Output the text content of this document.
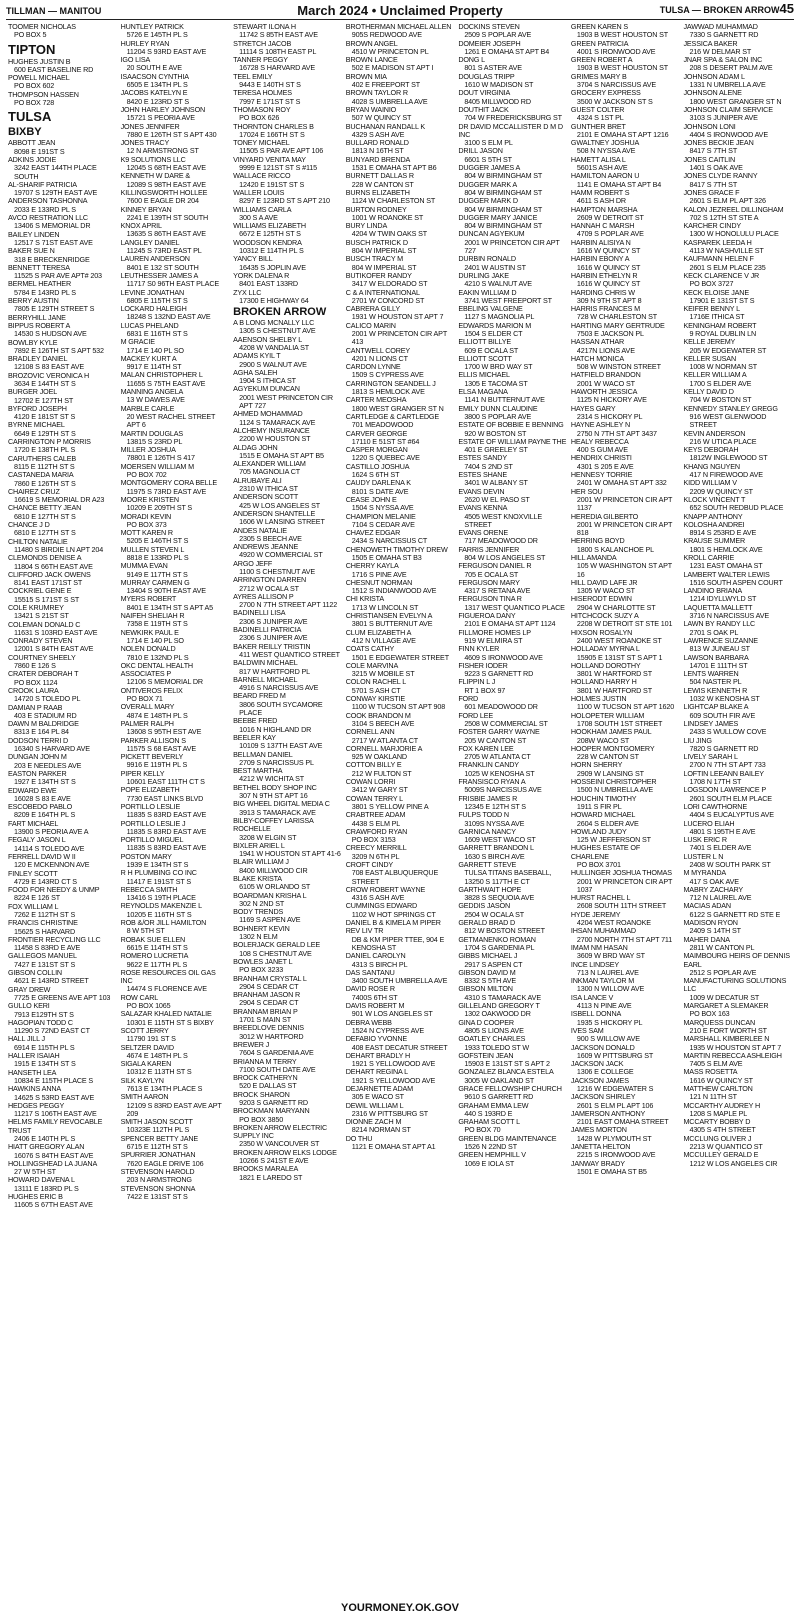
TILLMAN — MANITOU	March 2024 • Unclaimed Property	TULSA — BROKEN ARROW45
TOOMER NICHOLAS
PO BOX 5
TIPTON
HUGHES JUSTIN B
600 EAST BASELINE RD
POWELL MICHAEL
PO BOX 602
THOMPSON HASSEN
PO BOX 728
TULSA
BIXBY
ABBOTT JEAN
8098 E 191ST S
ADKINS JODIE
3242 EAST 144TH PLACE SOUTH
AL-SHARIF PATRICIA
19707 S 129TH EAST AVE
ANDERSON TASHONNA
2033 E 133RD PL S
AVCO RESTRATION LLC
13406 S MEMORIAL DR
BAILEY LINDEN
12517 S 71ST EAST AVE
BAKER SUE N
318 E BRECKENRIDGE
BENNETT TERESA
11525 S PAR AVE APT# 203
BERMEL HEATHER
5784 E 143RD PL S
BERRY AUSTIN
7805 E 129TH STREET S
BERRYHILL JANE
BIPPUS ROBERT A
14530 S HUDSON AVE
BOWLBY KYLE
7892 E 126TH ST S APT 532
BRADLEY DANIEL
12108 S 83 EAST AVE
BROZOVIC VERONICA H
3634 E 144TH ST S
BURGER JOEL
12702 E 127TH ST
BYFORD JOSEPH
4120 E 181ST ST S
BYRNE MICHAEL
6649 E 129TH ST S
CARRINGTON P MORRIS
1720 E 138TH PL S
CARUTHERS CALEB
8115 E 112TH ST S
CASTANEDA MARIA
7860 E 126TH ST S
CHAIREZ CRUZ
16619 S MEMORIAL DR A23
CHANCE BETTY JEAN
6810 E 127TH ST S
CHANCE J D
6810 E 127TH ST S
CHILTON NATALIE
11480 S BIRDIE LN APT 204
CLEMONDS DENISE A
11804 S 66TH EAST AVE
CLIFFORD JACK OWENS
8141 EAST 171ST ST
COCKRIEL GENE E
15515 S 171ST S ST
COLE KRUMREY
13421 S 21ST ST
COLEMAN DONALD C
11631 S 103RD EAST AVE
CONRADY STEVEN
12001 S 84TH EAST AVE
COURTNEY SHEELY
7860 E 126 S
CRATER DEBORAH T
PO BOX 1124
CROOK LAURA
14720 S TOLEDO PL
DAMIAN P RAAB
403 E STADIUM RD
DAWN M BALDRIDGE
8313 E 164 PL 84
DODSON TERRI D
16340 S HARVARD AVE
DUNGAN JOHN M
203 E NEEDLES AVE
EASTON PARKER
1927 E 134TH ST S
EDWARD EWE
16028 S 83 E AVE
ESCOBEDO PABLO
8209 E 164TH PL S
FART MICHAEL
13900 S PEORIA AVE A
FEGALY JASON L
14114 S TOLEDO AVE
FERRELL DAVID W II
120 E MCKENNON AVE
FINLEY SCOTT
4729 E 143RD CT S
FOOD FOR NEEDY & UNMP
8224 E 126 ST
FOX WILLIAM L
7262 E 112TH ST S
FRANCIS CHRISTINE
15625 S HARVARD
FRONTIER RECYCLING LLC
11458 S 83RD E AVE
GALLEGOS MANUEL
7427 E 131ST ST S
GIBSON COLLIN
4621 E 143RD STREET
GRAY DREW
7725 E GREENS AVE APT 103
GULLO KERI
7913 E129TH ST S
HAGOPIAN TODD C
11290 S 72ND EAST CT
HALL JILL J
6914 E 115TH PL S
HALLER ISAIAH
1915 E 134TH ST S
HANSETH LEA
10834 E 115TH PLACE S
HAWKINS ANNA
14625 S 53RD EAST AVE
HEDGES PEGGY
11217 S 106TH EAST AVE
HELMS FAMILY REVOCABLE TRUST
2406 E 140TH PL S
HIATT GREGORY ALAN
16076 S 84TH EAST AVE
HOLLINGSHEAD LA JUANA
27 W 5TH ST
HOWARD DAVENA L
13111 E 183RD PL S
HUGHES ERIC B
11605 S 67TH EAST AVE
HUNTLEY PATRICK
5726 E 145TH PL S
HURLEY RYAN
11204 S 93RD EAST AVE
IGO LISA
20 SOUTH E AVE
ISAACSON CYNTHIA
6505 E 134TH PL S
JACOBS KATELYN E
8420 E 123RD ST S
JOHN HARLEY JOHNSON
15721 S PEORIA AVE
JONES JENNIFER
7880 E 126TH ST S APT 430
JONES TRACY
12 N ARMSTRONG ST
K9 SOLUTIONS LLC
12045 S 68TH EAST AVE
KENNETH W DARE &
12089 S 98TH EAST AVE
KILLINGSWORTH HOLLEE
7600 E EAGLE DR 204
KINNEY BRYAN
2241 E 139TH ST SOUTH
KNOX APRIL
13635 S 86TH EAST AVE
LANGLEY DANIEL
11245 S 73RD EAST PL
LAUREN ANDERSON
8401 E 132 ST SOUTH
LEUTHESSER JAMES A
11717 S0 96TH EAST PLACE
LEVINE JONATHAN
6805 E 115TH ST S
LOCKARD HALEIGH
18248 S 132ND EAST AVE
LUCAS PHELAND
6831 E 116TH ST S
M GRACIE
1714 E 140 PL SO
MACKEY KURT A
9917 E 114TH ST
MALAN CHRISTOPHER L
11655 S 75TH EAST AVE
MANNING ANGELA
13 W DAWES AVE
MARBLE CARLE
20 WEST RACHEL STREET APT 6
MARTIN DOUGLAS
13815 S 23RD PL
MILLER JOSHUA
78801 E 126TH S 417
MOERSEN WILLIAM M
PO BOX 702
MONTGOMERY CORA BELLE
11975 S 73RD EAST AVE
MOORE KRISTEN
10209 E 209TH ST S
MORADI KEVIN
PO BOX 373
MOTT KAREN R
5205 E 146TH ST S
MULLEN STEVEN L
8818 E 133RD PL S
MUMMA EVAN
9149 E 117TH ST S
MURRAY CARMEN G
13404 S 90TH EAST AVE
MYERS ROBERT
8401 E 134TH ST S APT A5
NAIFEH SHELIAH R
7358 E 119TH ST S
NEWKIRK PAUL E
1714 E 140 PL SO
NOLEN DONALD
7810 E 132ND PL S
OKC DENTAL HEALTH ASSOCIATES P
12106 S MEMORIAL DR
ONTIVEROS FELIX
PO BOX 71
OVERALL MARY
4874 E 148TH PL S
PALMER RALPH
13608 S 95TH EST AVE
PARKER ALLISON S
11575 S 68 EAST AVE
PICKETT BEVERLY
9916 E 119TH PL S
PIPER KELLY
10601 EAST 111TH CT S
POPE ELIZABETH
7730 EAST LINKS BLVD
PORTILLO LESLIE
11835 S 83RD EAST AVE
PORTILLO LESLIE J
11835 S 83RD EAST AVE
PORTILLO MIGUEL
11835 S 83RD EAST AVE
POSTON MARY
1939 E 134TH ST S
R H PLUMBING CO INC
11417 E 191ST ST S
REBECCA SMITH
13416 S 19TH PLACE
REYNOLDS MAKENZIE L
10205 E 116TH ST S
ROB &/OR JILL HAMILTON
8 W 5TH ST
ROBAK SUE ELLEN
6615 E 114TH ST S
ROMERO LUCRETIA
9622 E 117TH PL S
ROSE RESOURCES OIL GAS INC
14474 S FLORENCE AVE
ROW CARL
PO BOX 1065
SALAZAR KHALED NATALIE
10301 E 115TH ST S BIXBY
SCOTT JERRY
11790 191 ST S
SELTZER DAVID
4674 E 148TH PL S
SIGALA KAREN
10312 E 113TH ST S
SILK KAYLYN
7613 E 134TH PLACE S
SMITH AARON
12109 S 83RD EAST AVE APT 209
SMITH JASON SCOTT
10323E 112TH PL S
SPENCER BETTY JANE
6715 E 112TH ST S
SPURRIER JONATHAN
7620 EAGLE DRIVE 106
STEVENSON HAROLD
203 N ARMSTRONG
STEVENSON SHONNA
7422 E 131ST ST S
STEWART ILONA H
11742 S 85TH EAST AVE
STRETCH JACOB
11114 S 108TH EAST PL
TANNER PEGGY
16728 S HARVARD AVE
TEEL EMILY
9443 E 140TH ST S
TERESA HOLMES
7997 E 171ST ST S
THOMASON ROY
PO BOX 626
THORNTON CHARLES B
17024 E 166TH ST S
TONEY MICHAEL
11505 S PAR AVE APT 106
VINYARD VENITA MAY
9999 E 121ST ST S #115
WALLACE RICCO
12420 E 191ST ST S
WALLER LOUIS
8297 E 123RD ST S APT 210
WILLIAMS CARLA
300 S A AVE
WILLIAMS ELIZABETH
6672 E 125TH ST S
WOODSON KENDRA
10312 E 114TH PL S
YANCY BILL
16435 S JOPLIN AVE
YORK DALENA R
8401 EAST 133RD
ZYX LLC
17300 E HIGHWAY 64
BROKEN ARROW
A B LONG MCNALLY LLC
1305 S CHESTNUT AVE
AAENSON SHELBY L
4208 W VANDALIA ST
ADAMS KYIL T
2900 S WALNUT AVE
AGHA SALEH
1904 S ITHICA ST
AGYEKUM DUNCAN
2001 WEST PRINCETON CIR APT 727
AHMED MOHAMMAD
1124 S TAMARACK AVE
ALCHEMY INSURANCE
2200 W HOUSTON ST
ALDAG JOHN
1515 E OMAHA ST APT B5
ALEXANDER WILLIAM
705 MAGNOLIA CT
ALRUBAYE ALI
2310 W ITHICA ST
ANDERSON SCOTT
425 W LOS ANGELES ST
ANDERSON SHANTELLE
1606 W LANSING STREET
ANDES NATALIE
2305 S BEECH AVE
ANDREWS JEANNE
4920 W COMMERCIAL ST
ARGO JEFF
1100 S CHESTNUT AVE
ARRINGTON DARREN
2712 W OCALA ST
AYRES ALLISON P
2700 N 7TH STREET APT 1122
BADINELLI LISA
2306 S JUNIPER AVE
BADINELLI PATRICIA
2306 S JUNIPER AVE
BAKER REILLY TRISTIN
411 WEST QUANTICO STREET
BALDWIN MICHAEL
817 W HARTFORD PL
BARNELL MICHAEL
4916 S NARCISSUS AVE
BEARD FRED M
3806 SOUTH SYCAMORE PLACE
BEEBE FRED
1016 N HIGHLAND DR
BEELER KAY
10109 S 137TH EAST AVE
BELLMAN DANIEL
2709 S NARCISSUS PL
BEST MARTHA
4212 W WICHITA ST
BETHEL BODY SHOP INC
307 N 9TH ST APT 16
BIG WHEEL DIGITAL MEDIA C
3913 S TAMARACK AVE
BILBY-COFFEY LARISSA ROCHELLE
3208 W ELGIN ST
BIXLER ARIEL L
1941 W HOUSTON ST APT 41-6
BLAIR WILLIAM J
8400 MILLWOOD CIR
BLAKE KRISTA
6105 W ORLANDO ST
BOARDMAN KRISHA L
302 N 2ND ST
BODY TRENDS
1169 S ASPEN AVE
BOHNERT KEVIN
1302 N ELM
BOLERJACK GERALD LEE
108 S CHESTNUT AVE
BOWLES JANET L
PO BOX 3233
BRANHAM CRYSTAL L
2904 S CEDAR CT
BRANHAM JASON R
2904 S CEDAR CT
BRANNAM BRIAN P
1701 S MAIN ST
BREEDLOVE DENNIS
3012 W HARTFORD
BREWER J
7604 S GARDENIA AVE
BRIANNA M TERRY
7100 SOUTH DATE AVE
BROCK CATHERYN
520 E DALLAS ST
BROCK SHARON
9203 S GARNETT RD
BROCKMAN MARYANN
PO BOX 3850
BROKEN ARROW ELECTRIC SUPPLY INC
2350 W VANCOUVER ST
BROKEN ARROW ELKS LODGE
10266 S 241ST E AVE
BROOKS MARALEA
1821 E LAREDO ST
BROTHERMAN MICHAEL ALLEN
905S REDWOOD AVE
BROWN ANGEL
4510 W PRINCETON PL
BROWN LANCE
502 E MADISON ST APT I
BROWN MIA
402 E FREEPORT ST
BROWN TAYLOR R
4028 S UMBRELLA AVE
BRYAN WAINIO
507 W QUINCY ST
BUCHANAN RANDALL K
4329 S ASH AVE
BULLARD RONALD
1813 N 16TH ST
BUNYARD BRENDA
1531 E OMAHA ST APT B6
BURNETT DALLAS R
228 W CANTON ST
BURNS ELIZABETH
1124 W CHARLESTON ST
BURTON RODNEY
1001 W ROANOKE ST
BURY LINDA
4204 W TWIN OAKS ST
BUSCH PATRICK D
804 W IMPERIAL ST
BUSCH TRACY M
804 W IMPERIAL ST
BUTIKOFER RANDY
3417 W ELDORADO ST
C & A INTERNATIONAL
2701 W CONCORD ST
CABRERA GILLY
1931 W HOUSTON ST APT 7
CALICO MARIN
2001 W PRINCETON CIR APT 413
CANTWELL COREY
4201 N LIONS CT
CARDON LYNNE
1509 S CYPRESS AVE
CARRINGTON SEANDELL J
1813 S HEMLOCK AVE
CARTER MEOSHA
1800 WEST GRANGER ST N
CARTLEDGE & CARTLEDGE
701 MEADOWOOD
CARVER GEORGE
17110 E 51ST ST #64
CASPER MORGAN
1220 S QUEBEC AVE
CASTILLO JOSHUA
1624 S 6TH ST
CAUDY DARLENA K
8101 S DATE AVE
CEASE JOHN E
1504 S NYSSA AVE
CHAMPION MELANIE
7104 S CEDAR AVE
CHAVEZ EDGAR
2434 S NARCISSUS CT
CHENOWETH TIMOTHY DREW
1505 E OMAHA ST B3
CHERRY KAYLA
1716 S PINE AVE
CHESNUT NORMAN
1512 S INDIANWOOD AVE
CHI KRISTA
1713 W LINCOLN ST
CHRISTIANSEN EVELYN A
3801 S BUTTERNUT AVE
CLUM ELIZABETH A
412 N VILLAGE AVE
COATS CATHY
1501 E EDGEWATER STREET
COLE MARVINA
3215 W MOBILE ST
COLON RACHEL L
5701 S ASH CT
CONWAY KIRSTIE
1100 W TUCSON ST APT 908
COOK BRANDON M
3104 S BEECH AVE
CORNELL ANN
2717 W ATLANTA CT
CORNELL MARJORIE A
925 W OAKLAND
COTTON BILLY E
212 W FULTON ST
COWAN LORRI
3412 W GARY ST
COWAN TERRY L
3801 S YELLOW PINE A
CRABTREE ADAM
4438 S ELM PL
CRAWFORD RYAN
PO BOX 3153
CREECY MERRILL
3209 N 6TH PL
CROFT CINDY
708 EAST ALBUQUERQUE STREET
CROW ROBERT WAYNE
4316 S ASH AVE
CUMMINGS EDWARD
1102 W HOT SPRINGS CT
DANIEL B & KIMELA M PIPER REV LIV TR
DB & KM PIPER TTEE, 904 E KENOSHA ST
DANIEL CAROLYN
4313 S BIRCH PL
DAS SANTANU
3400 SOUTH UMBRELLA AVE
DAVID ROSE R
7400S 6TH ST
DAVIS ROBERT M
901 W LOS ANGELES ST
DEBRA WEBB
1524 N CYPRESS AVE
DEFABIO YVONNE
408 EAST DECATUR STREET
DEHART BRADLY H
1921 S YELLOWOOD AVE
DEHART REGINA L
1921 S YELLOWOOD AVE
DEJARNETTE ADAM
305 E WACO ST
DEWIL WILLIAM L
2316 W PITTSBURG ST
DIONNE ZACH M
8214 NORMAN ST
DO THU
1121 E OMAHA ST APT A1
DOCKINS STEVEN
2509 S POPLAR AVE
DOMEIER JOSEPH
1261 E OMAHA ST APT B4
DONG L
801 S ASTER AVE
DOUGLAS TRIPP
1610 W MADISON ST
DOUT VIRGINIA
8405 MILLWOOD RD
DOUTHIT JACK
704 W FREDERICKSBURG ST
DR DAVID MCCALLISTER D M D INC
3100 S ELM PL
DRILL JASON
6601 S 5TH ST
DUGGER JAMES A
804 W BIRMINGHAM ST
DUGGER MARK A
804 W BIRMINGHAM ST
DUGGER MARK D
804 W BIRMINGHAM ST
DUGGER MARY JANICE
804 W BIRMINGHAM ST
DUNCAN AGYEKUM
2001 W PRINCETON CIR APT 727
DURBIN RONALD
2401 W AUSTIN ST
DURLING JAKE
4210 S WALNUT AVE
EAKIN WILLIAM D
3741 WEST FREEPORT ST
EBELING VALGENE
1127 S MAGNOLIA PL
EDWARDS MARION M
1504 S ELDER CT
ELLIOTT BILLYE
609 E OCALA ST
ELLIOTT SCOTT
1700 W BRD WAY ST
ELLIS MICHAEL
1305 E TACOMA ST
ELSA MAGANA
1141 N BUTTERNUT AVE
EMILY DUNN CLAUDINE
3800 S POPLAR AVE
ESTATE OF BOBBIE E BENNING
920 W BOSTON ST
ESTATE OF WILLIAM PAYNE THE
401 E GREELEY ST
ESTES SANDY
7404 S 2ND ST
ESTES SHANE
3401 W ALBANY ST
EVANS DEVIN
2620 W EL PASO ST
EVANS KENNA
4505 WEST KNOXVILLE STREET
EVANS ORENE
717 MEADOWOOD DR
FARRIS JENNIFER
804 W LOS ANGELES ST
FERGUSON DANIEL R
705 E OCALA ST
FERGUSON MARY
4317 S RETANA AVE
FERGUSON TINA R
1317 WEST QUANTICO PLACE
FIGUEROA DANY
2101 E OMAHA ST APT 1124
FILLMORE HOMES LP
919 W ELMIRA ST
FINN KYLER
4609 S IRONWOOD AVE
FISHER IODER
9223 S GARNETT RD
FLIPPIN L J
RT 1 BOX 97
FORD
601 MEADOWOOD DR
FORD LEE
2508 W COMMERCIAL ST
FOSTER GARRY WAYNE
205 W CANTON ST
FOX KAREN LEE
2705 W ATLANTA CT
FRANKLIN CANDY
1025 W KENOSHA ST
FRANSISCO RYAN A
5009S NARCISSUS AVE
FRISBIE JAMES R
12345 E 12TH ST S
FULPS TODD N
3109S NYSSA AVE
GARNICA NANCY
1609 WEST WACO ST
GARRETT BRANDON L
1630 S BIRCH AVE
GARRETT STEVE
TULSA TITANS BASEBALL, 13250 S 117TH E CT
GARTHWAIT HOPE
3828 S SEQUOIA AVE
GEDDIS JASON
2504 W OCALA ST
GERALD BRAD D
812 W BOSTON STREET
GETMANENKO ROMAN
1704 S GARDENIA PL
GIBBS MICHAEL J
2917 S ASPEN CT
GIBSON DAVID M
8332 S 5TH AVE
GIBSON MILTON
4310 S TAMARACK AVE
GILLELAND GREGORY T
1302 OAKWOOD DR
GINA D COOPER
4805 S LIONS AVE
GOATLEY CHARLES
1933 TOLEDO ST W
GOFSTEIN JEAN
15903 E 131ST ST S APT 2
GONZALEZ BLANCA ESTELA
3005 W OAKLAND ST
GRACE FELLOWSHIP CHURCH
9610 S GARRETT RD
GRAHAM EMMA LEW
440 S 193RD E
GRAHAM SCOTT L
PO BOX 70
GREEN BLDG MAINTENANCE
1526 N 22ND ST
GREEN HEMPHILL V
1069 E IOLA ST
GREEN KAREN S
1903 B WEST HOUSTON ST
GREEN PATRICIA
4001 S IRONWOOD AVE
GREEN ROBERT A
1903 B WEST HOUSTON ST
GRIMES MARY B
3704 S NARCISSUS AVE
GROCERY EXPRESS
3500 W JACKSON ST S
GUEST COLTER
4324 S 1ST PL
GUNTHER BRET
2101 E OMAHA ST APT 1216
GWALTNEY JOSHUA
508 N NYSSA AVE
HAMETT ALISA L
5601S ASH AVE
HAMILTON AARON U
1141 E OMAHA ST APT B4
HAMM ROBERT S
4611 S ASH DR
HAMPTON MARSHA
2609 W DETROIT ST
HANNAH C MARSH
4709 S POPLAR AVE
HARBIN ALISIYA N
1616 W QUINCY ST
HARBIN EBONY A
1616 W QUINCY ST
HARBIN ETHELYN R
1616 W QUINCY ST
HARDING CHRIS W
309 N 9TH ST APT 8
HARRIS FRANCES M
728 W CHARLESTON ST
HARTING MARY GERTRUDE
7503 E JACKSON PL
HASSAN ATHAR
4217N LIONS AVE
HATCH MONICA
508 W WINSTON STREET
HATFIELD BRANDON
2001 W WACO ST
HAWORTH JESSICA
1125 N HICKORY AVE
HAYES GARY
2314 S HICKORY PL
HAYNE ASHLEY N
2750 N 7TH ST APT 3437
HEALY REBECCA
400 S GUM AVE
HENDRIX CHRISTI
4301 S 205 E AVE
HENNESY TORRIE
2401 W OMAHA ST APT 332
HER SOU
2001 W PRINCETON CIR APT 1137
HEREDIA GILBERTO
2001 W PRINCETON CIR APT 818
HERRING BOYD
1800 S KALANCHOE PL
HILL AMANDA
105 W WASHINGTON ST APT 16
HILL DAVID LAFE JR
1305 W WACO ST
HISERODT EDWIN
2904 W CHARLOTTE ST
HITCHCOCK SUZY A
2208 W DETROIT ST STE 101
HIXSON ROSALYN
2400 WEST ROANOKE ST
HOLLADAY MYRNA L
15905 E 131ST ST S APT 1
HOLLAND DOROTHY
3801 W HARTFORD ST
HOLLAND HARRY H
3801 W HARTFORD ST
HOLMES JUSTIN
1100 W TUCSON ST APT 1620
HOLOPETER WILLIAM
1708 SOUTH 1ST STREET
HOOKHAM JAMES PAUL
208W WACO ST
HOOPER MONTGOMERY
228 W CANTON ST
HORN SHERRY
2909 W LANSING ST
HOSSEINI CHRISTOPHER
1500 N UMBRELLA AVE
HOUCHIN TIMOTHY
1911 S FIR PL
HOWARD MICHAEL
2604 S ELDER AVE
HOWLAND JUDY
125 W JEFFERSON ST
HUGHES ESTATE OF CHARLENE
PO BOX 3701
HULLINGER JOSHUA THOMAS
2001 W PRINCETON CIR APT 1037
HURST RACHEL L
2608 SOUTH 11TH STREET
HYDE JEREMY
4204 WEST ROANOKE
IHSAN MUHAMMAD
2700 NORTH 7TH ST APT 711
IMAM NM HASAN
3609 W BRD WAY ST
INCE LINDSEY
713 N LAUREL AVE
INKMAN TAYLOR M
1300 N WILLOW AVE
ISA LANCE V
4113 N PINE AVE
ISBELL DONNA
1935 S HICKORY PL
IVES SAM
900 S WILLOW AVE
JACKSON DONALD
1609 W PITTSBURG ST
JACKSON JACK
1306 E COLLEGE
JACKSON JAMES
1216 W EDGEWATER S
JACKSON SHIRLEY
2601 S ELM PL APT 106
JAMERSON ANTHONY
2101 EAST OMAHA STREET
JAMES MORTON
1428 W PLYMOUTH ST
JANETTA HELTON
2215 S IRONWOOD AVE
JANWAY BRADY
1501 E OMAHA ST B5
JAWWAD MUHAMMAD
7330 S GARNETT RD
JESSICA BAKER
216 W DELMAR ST
JNAR SPA & SALON INC
208 S DESERT PALM AVE
JOHNSON ADAM L
1331 N UMBRELLA AVE
JOHNSON ALENE
1800 WEST GRANGER ST N
JOHNSON CLAIM SERVICE
3103 S JUNIPER AVE
JOHNSON LONI
4404 S IRONWOOD AVE
JONES BECKIE JEAN
8417 S 7TH ST
JONES CAITLIN
1401 S OAK AVE
JONES CLYDE RANNY
8417 S 7TH ST
JONES GRACE F
2601 S ELM PL APT 326
KALON JEZREEL DILLINGHAM
702 S 12TH ST STE A
KARCHER CINDY
1300 W HONOLULU PLACE
KASPAREK LEEDA H
4113 W NASHVILLE ST
KAUFMANN HELEN F
2601 S ELM PLACE 235
KECK CLARENCE V JR
PO BOX 3727
KECK ELOISE JANE
17901 E 131ST ST S
KEIFER BENNY L
1716E ITHICA ST
KENINGHAM ROBERT
9 ROYAL DUBLIN LN
KELLE JEREMY
205 W EDGEWATER ST
KELLER SUSAN
1008 W NORMAN ST
KELLER WILLIAM A
1700 S ELDER AVE
KELLY DAVID D
704 W BOSTON ST
KENNEDY STANLEY GREGG
916 WEST GLENWOOD STREET
KEVIN ANDERSON
216 W UTICA PLACE
KEYS DEBORAH
1812W INGLEWOOD ST
KHANG NGUYEN
417 N FIREWOOD AVE
KIDD WILLIAM V
2209 W QUINCY ST
KLOCK VINCENT T
652 SOUTH REDBUD PLACE
KNAPP ANTHONY
KOLOSHA ANDREI
8914 S 253RD E AVE
KRAUSE SUMMER
1801 S HEMLOCK AVE
KROLL CARRIE
1231 EAST OMAHA ST
LAMBERT WALTER LEWIS
1516 SOUTH ASPEN COURT
LANDINO BRIANA
1214 IDYLLWYLD ST
LAQUETTA MALLETT
3716 N NARCISSUS AVE
LAWN BY RANDY LLC
2701 S OAK PL
LAWRENCE SUZANNE
813 W JUNEAU ST
LAWSON BARBARA
14701 E 111TH ST
LENTS WARREN
504 NASTER PL
LEWIS KENNETH R
1032 W KENOSHA ST
LIGHTCAP BLAKE A
609 SOUTH FIR AVE
LINDSEY JAMES
2433 S WULLOW COVE
LIU JING
7820 S GARNETT RD
LIVELY SARAH L
2700 N 7TH ST APT 733
LOFTIN LEEANN BAILEY
1708 N 17TH ST
LOGSDON LAWRENCE P
2601 SOUTH ELM PLACE
LORI CAWTHORNE
4404 S EUCALYPTUS AVE
LUCERO ELIAH
4801 S 195TH E AVE
LUSK ERIC R
7401 S ELDER AVE
LUSTER L N
2408 W SOUTH PARK ST
M MYRANDA
417 S OAK AVE
MABRY ZACHARY
712 N LAUREL AVE
MACIAS ADAN
6122 S GARNETT RD STE E
MADISON RYON
2409 S 14TH ST
MAHER DANA
2811 W CANTON PL
MAIMBOURG HEIRS OF DENNIS EARL
2512 S POPLAR AVE
MANUFACTURING SOLUTIONS LLC
1009 W DECATUR ST
MARGARET A SLEMAKER
PO BOX 163
MARQUESS DUNCAN
210 E FORT WORTH ST
MARSHALL KIMBERLEE N
1935 W HOUSTON ST APT 7
MARTIN REBECCA ASHLEIGH
7405 S ELM AVE
MASS ROSETTA
1616 W QUINCY ST
MATTHEW CARLTON
121 N 11TH ST
MCCARTHY AUDREY H
1208 S MAPLE PL
MCCARTY BOBBY D
4305 S 4TH STREET
MCCLUNG OLIVER J
2213 W QUANTICO ST
MCCULLEY GERALD E
1212 W LOS ANGELES CIR
YOURMONEY.OK.GOV
